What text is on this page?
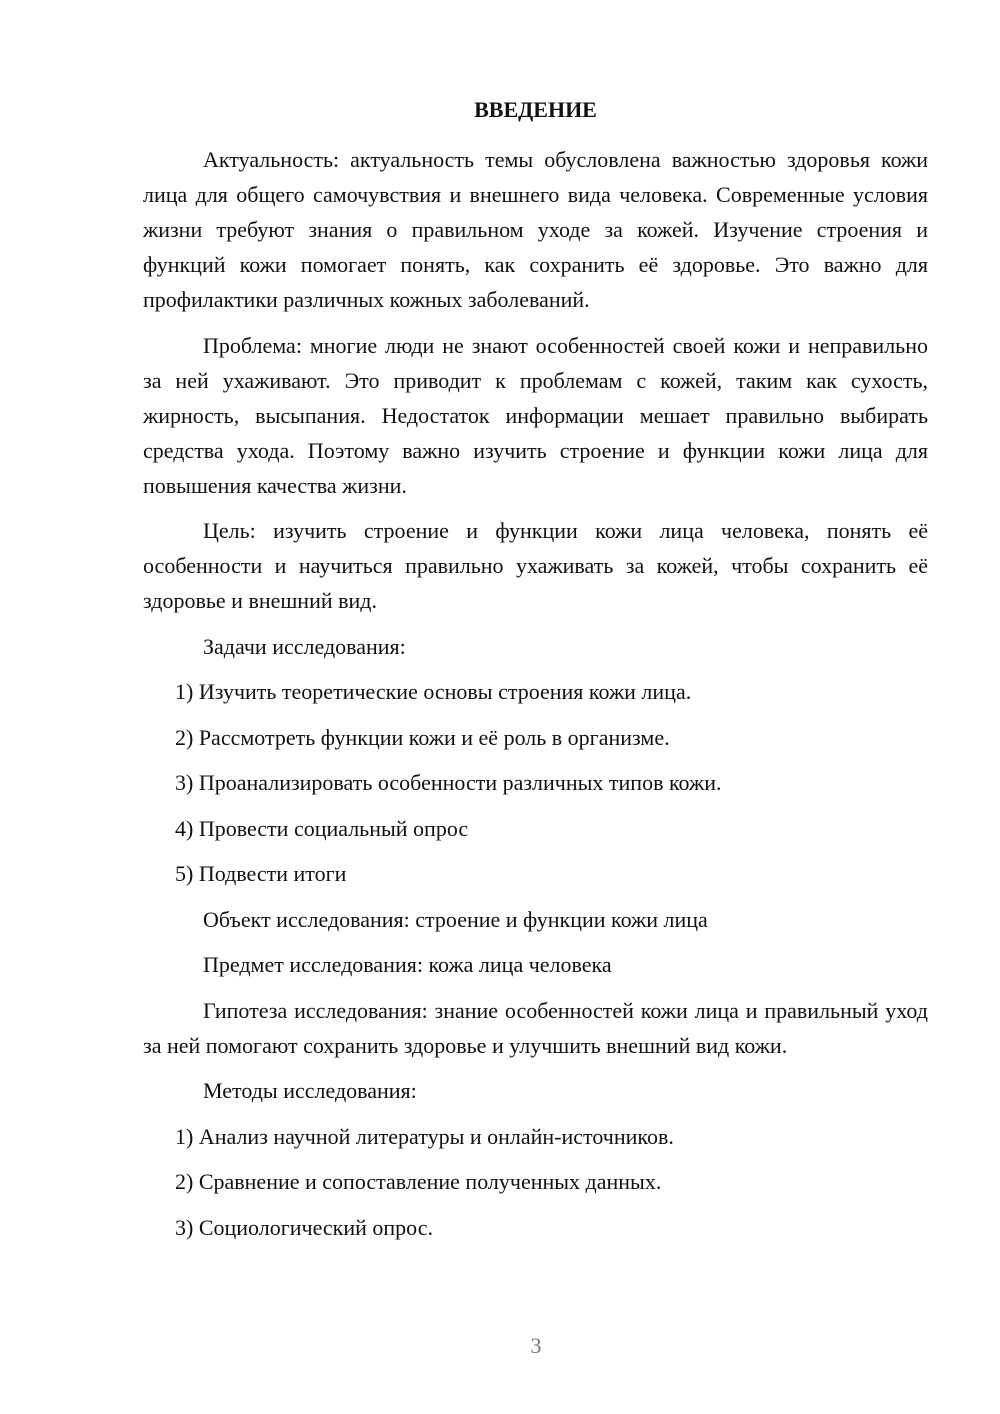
ВВЕДЕНИЕ

Актуальность: актуальность темы обусловлена важностью здоровья кожи лица для общего самочувствия и внешнего вида человека. Современные условия жизни требуют знания о правильном уходе за кожей. Изучение строения и функций кожи помогает понять, как сохранить её здоровье. Это важно для профилактики различных кожных заболеваний.

Проблема: многие люди не знают особенностей своей кожи и неправильно за ней ухаживают. Это приводит к проблемам с кожей, таким как сухость, жирность, высыпания. Недостаток информации мешает правильно выбирать средства ухода. Поэтому важно изучить строение и функции кожи лица для повышения качества жизни.

Цель: изучить строение и функции кожи лица человека, понять её особенности и научиться правильно ухаживать за кожей, чтобы сохранить её здоровье и внешний вид.

Задачи исследования:

1) Изучить теоретические основы строения кожи лица.

2) Рассмотреть функции кожи и её роль в организме.

3) Проанализировать особенности различных типов кожи.

4) Провести социальный опрос

5) Подвести итоги

Объект исследования: строение и функции кожи лица

Предмет исследования: кожа лица человека

Гипотеза исследования: знание особенностей кожи лица и правильный уход за ней помогают сохранить здоровье и улучшить внешний вид кожи.

Методы исследования:

1) Анализ научной литературы и онлайн-источников.

2) Сравнение и сопоставление полученных данных.

3) Социологический опрос.

3
